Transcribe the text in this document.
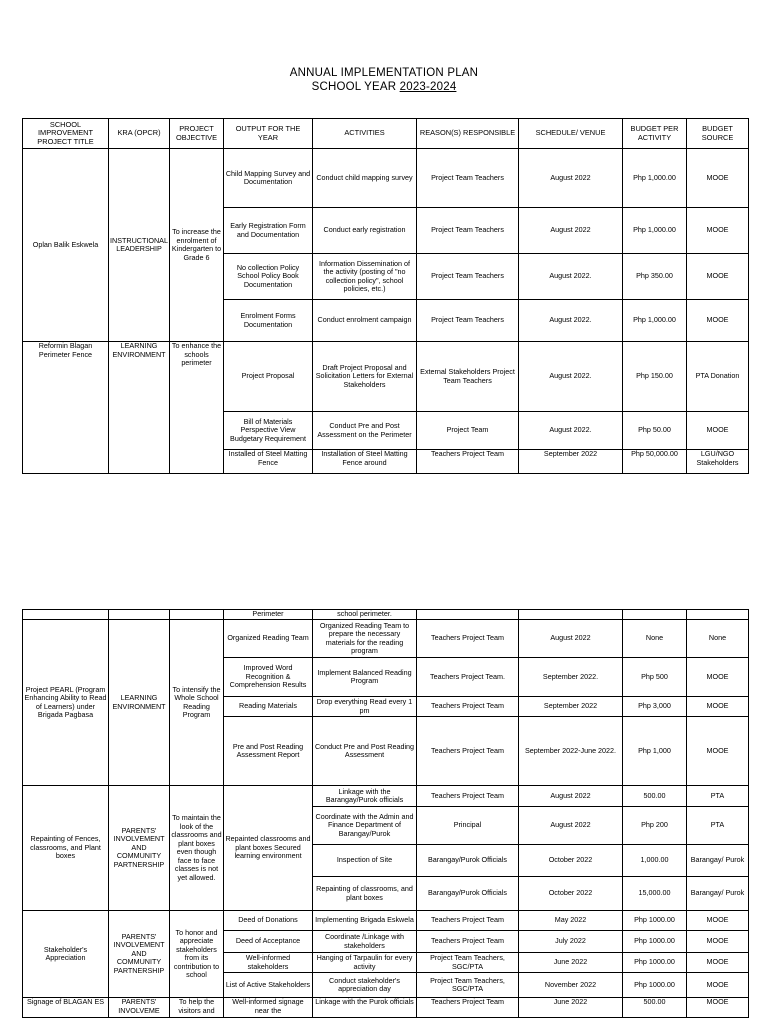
ANNUAL IMPLEMENTATION PLAN
SCHOOL YEAR 2023-2024
SCHOOL IMPROVEMENT PROJECT TITLE	KRA (OPCR)	PROJECT OBJECTIVE	OUTPUT FOR THE YEAR	ACTIVITIES	REASON(S) RESPONSIBLE	SCHEDULE/ VENUE	BUDGET PER ACTIVITY	BUDGET SOURCE
Oplan Balik Eskwela	INSTRUCTIONAL LEADERSHIP	To increase the enrolment of Kindergarten to Grade 6	Child Mapping Survey and Documentation	Conduct child mapping survey	Project Team Teachers	August 2022	Php 1,000.00	MOOE
			Early Registration Form and Documentation	Conduct early registration	Project Team Teachers	August 2022	Php 1,000.00	MOOE
			No collection Policy School Policy Book Documentation	Information Dissemination of the activity (posting of "no collection policy", school policies, etc.)	Project Team Teachers	August 2022.	Php 350.00	MOOE
			Enrolment Forms Documentation	Conduct enrolment campaign	Project Team Teachers	August 2022.	Php 1,000.00	MOOE
Reformin Blagan Perimeter Fence	LEARNING ENVIRONMENT	To enhance the schools perimeter	Project Proposal	Draft Project Proposal and Solicitation Letters for External Stakeholders	External Stakeholders Project Team Teachers	August 2022.	Php 150.00	PTA Donation
			Bill of Materials Perspective View Budgetary Requirement	Conduct Pre and Post Assessment on the Perimeter	Project Team	August 2022.	Php 50.00	MOOE
			Installed of Steel Matting Fence	Installation of Steel Matting Fence around	Teachers Project Team	September 2022	Php 50,000.00	LGU/NGO Stakeholders
			Perimeter	school perimeter.				
Project PEARL (Program Enhancing Ability to Read of Learners) under Brigada Pagbasa	LEARNING ENVIRONMENT	To intensify the Whole School Reading Program	Organized Reading Team	Organized Reading Team to prepare the necessary materials for the reading program	Teachers Project Team	August 2022	None	None
			Improved Word Recognition & Comprehension Results	Implement Balanced Reading Program	Teachers Project Team.	September 2022.	Php 500	MOOE
			Reading Materials	Drop everything Read every 1 pm	Teachers Project Team	September 2022	Php 3,000	MOOE
			Pre and Post Reading Assessment Report	Conduct Pre and Post Reading Assessment	Teachers Project Team	September 2022-June 2022.	Php 1,000	MOOE
Repainting of Fences, classrooms, and Plant boxes	PARENTS' INVOLVEMENT AND COMMUNITY PARTNERSHIP	To maintain the look of the classrooms and plant boxes even though face to face classes is not yet allowed.	Repainted classrooms and plant boxes Secured learning environment	Linkage with the Barangay/Purok officials	Teachers Project Team	August 2022	500.00	PTA
				Coordinate with the Admin and Finance Department of Barangay/Purok	Principal	August 2022	Php 200	PTA
				Inspection of Site	Barangay/Purok Officials	October 2022	1,000.00	Barangay/ Purok
				Repainting of classrooms, and plant boxes	Barangay/Purok Officials	October 2022	15,000.00	Barangay/ Purok
Stakeholder's Appreciation	PARENTS' INVOLVEMENT AND COMMUNITY PARTNERSHIP	To honor and appreciate stakeholders from its contribution to school	Deed of Donations	Implementing Brigada Eskwela	Teachers Project Team	May 2022	Php 1000.00	MOOE
			Deed of Acceptance	Coordinate /Linkage with stakeholders	Teachers Project Team	July 2022	Php 1000.00	MOOE
			Well-informed stakeholders	Hanging of Tarpaulin for every activity	Project Team Teachers, SGC/PTA	June 2022	Php 1000.00	MOOE
			List of Active Stakeholders	Conduct stakeholder's appreciation day	Project Team Teachers, SGC/PTA	November 2022	Php 1000.00	MOOE
Signage of BLAGAN ES	PARENTS' INVOLVEME	To help the visitors and	Well-informed signage near the	Linkage with the Purok officials	Teachers Project Team	June 2022	500.00	MOOE
